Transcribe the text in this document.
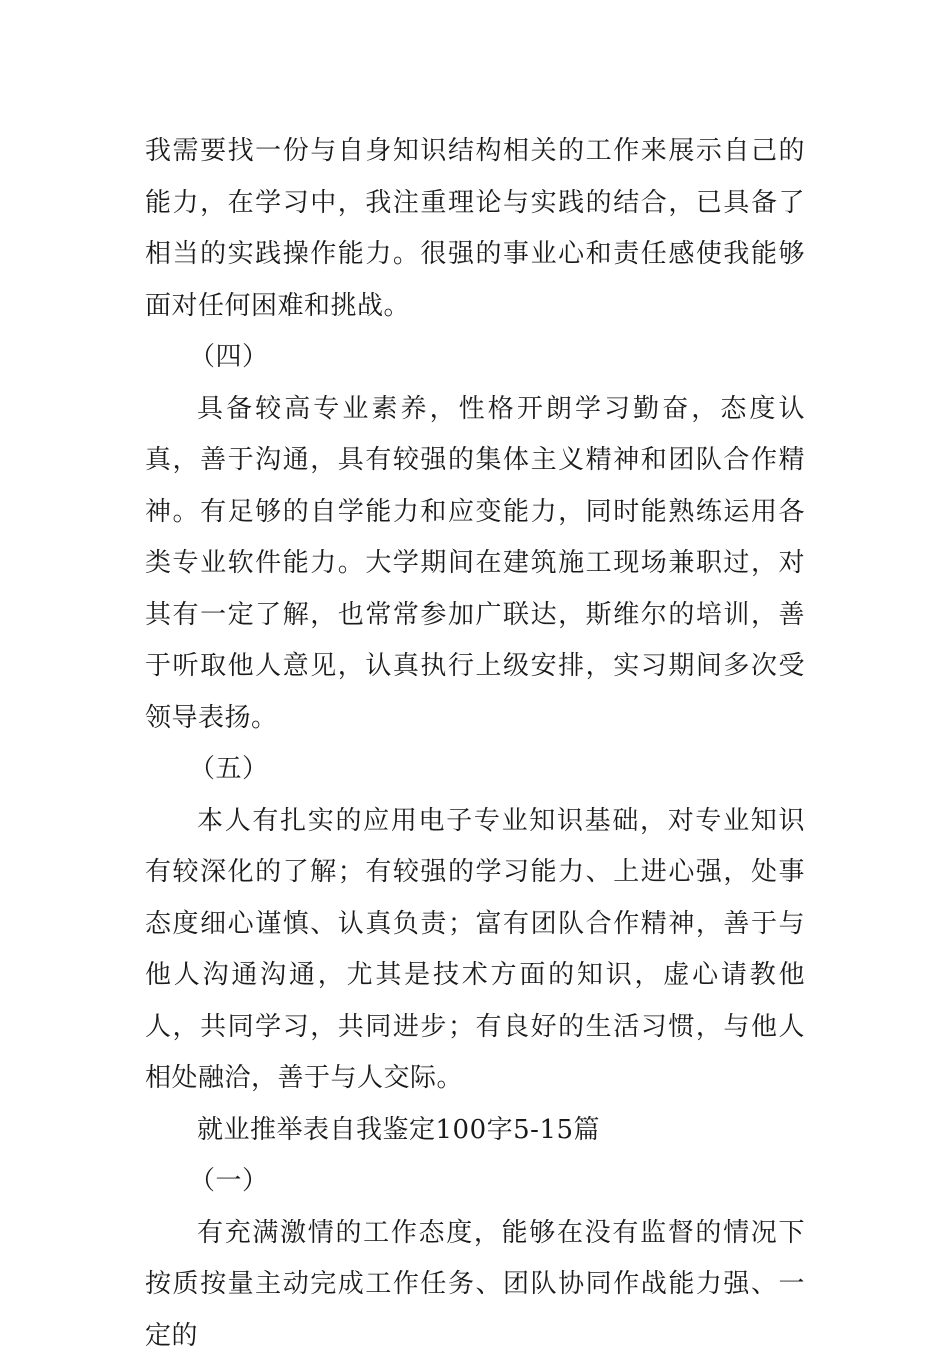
我需要找一份与自身知识结构相关的工作来展示自己的能力，在学习中，我注重理论与实践的结合，已具备了相当的实践操作能力。很强的事业心和责任感使我能够面对任何困难和挑战。

（四）

具备较高专业素养，性格开朗学习勤奋，态度认真，善于沟通，具有较强的集体主义精神和团队合作精神。有足够的自学能力和应变能力，同时能熟练运用各类专业软件能力。大学期间在建筑施工现场兼职过，对其有一定了解，也常常参加广联达，斯维尔的培训，善于听取他人意见，认真执行上级安排，实习期间多次受领导表扬。

（五）

本人有扎实的应用电子专业知识基础，对专业知识有较深化的了解；有较强的学习能力、上进心强，处事态度细心谨慎、认真负责；富有团队合作精神，善于与他人沟通沟通，尤其是技术方面的知识，虚心请教他人，共同学习，共同进步；有良好的生活习惯，与他人相处融洽，善于与人交际。

就业推举表自我鉴定100字5-15篇

（一）

有充满激情的工作态度，能够在没有监督的情况下按质按量主动完成工作任务、团队协同作战能力强、一定的
